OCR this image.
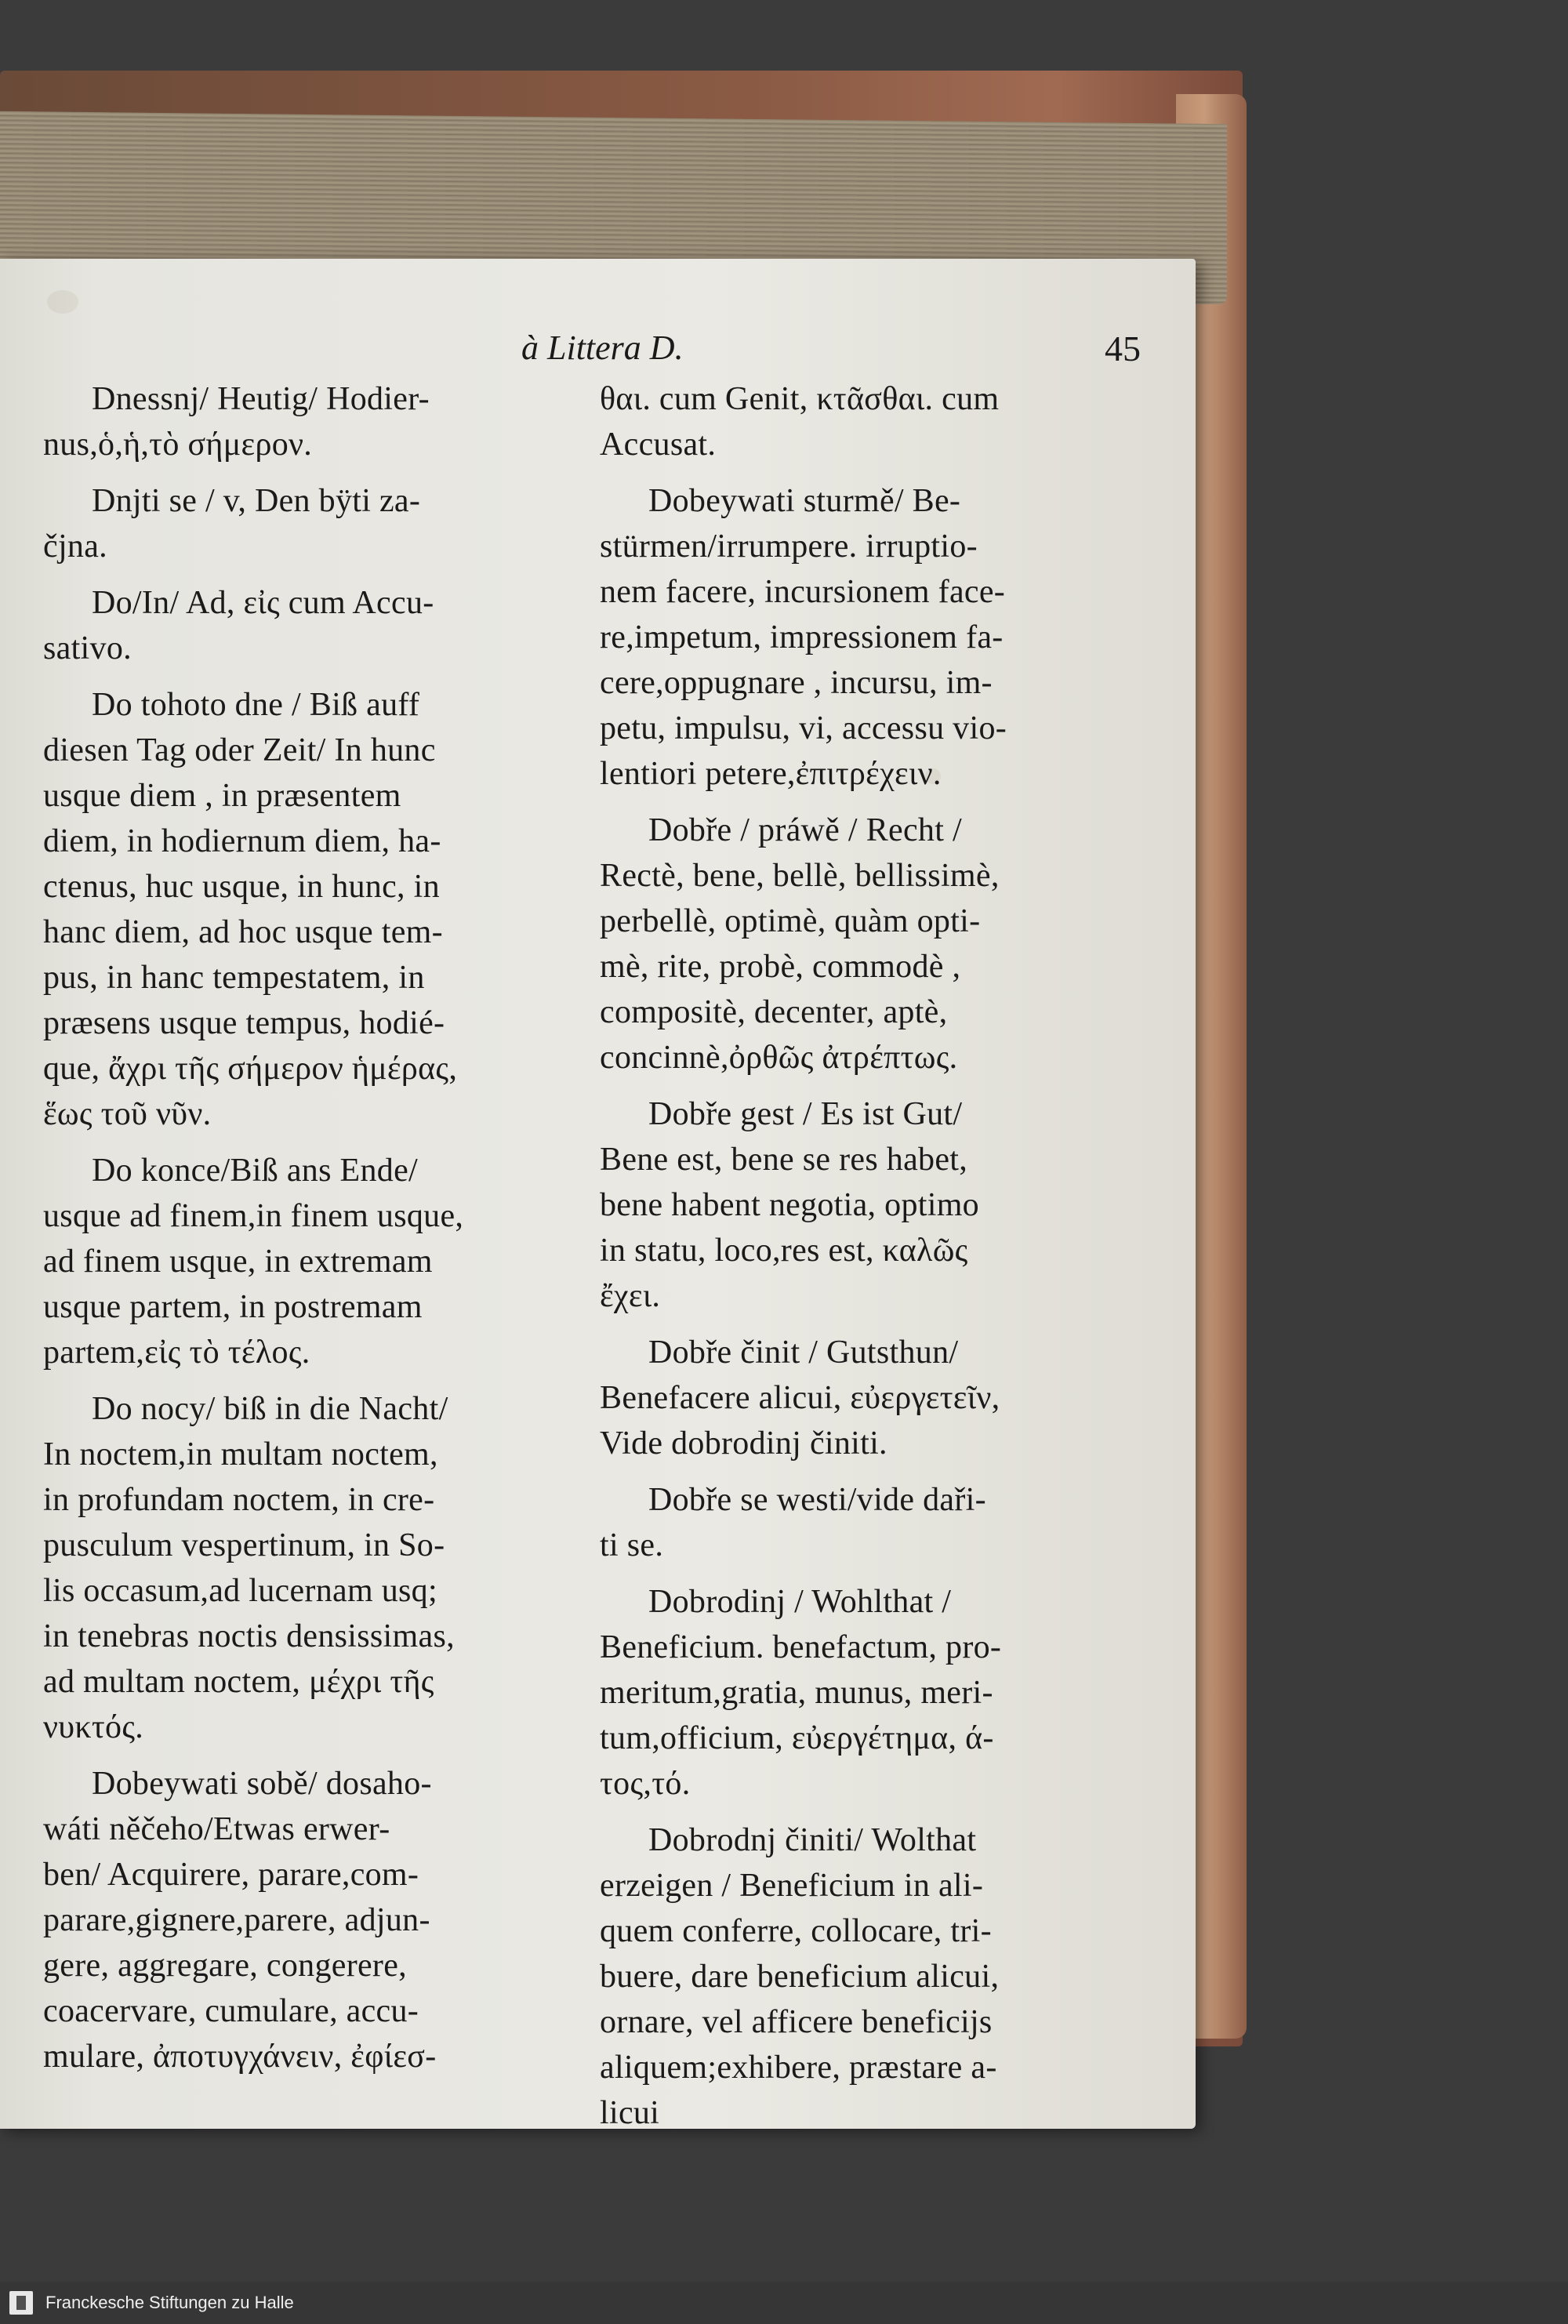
à Littera D.	45
Dnessnj/ Heutig/ Hodier-
nus,ὁ,ἡ,τὸ σήμερον.
Dnjti se / v, Den bÿti za-
čjna.
Do/In/ Ad, εἰς cum Accu-
sativo.
Do tohoto dne / Biß auff
diesen Tag oder Zeit/ In hunc
usque diem , in præsentem
diem, in hodiernum diem, ha-
ctenus, huc usque, in hunc, in
hanc diem, ad hoc usque tem-
pus, in hanc tempestatem, in
præsens usque tempus, hodié-
que, ἄχρι τῆς σήμερον ἡμέρας,
ἕως τοῦ νῦν.
Do konce/Biß ans Ende/
usque ad finem,in finem usque,
ad finem usque, in extremam
usque partem, in postremam
partem,εἰς τὸ τέλος.
Do nocy/ biß in die Nacht/
In noctem,in multam noctem,
in profundam noctem, in cre-
pusculum vespertinum, in So-
lis occasum,ad lucernam usq;
in tenebras noctis densissimas,
ad multam noctem, μέχρι τῆς
νυκτός.
Dobeywati sobě/ dosaho-
wáti něčeho/Etwas erwer-
ben/ Acquirere, parare,com-
parare,gignere,parere, adjun-
gere, aggregare, congerere,
coacervare, cumulare, accu-
mulare, ἀποτυγχάνειν, ἐφίεσ-
θαι. cum Genit, κτᾶσθαι. cum
Accusat.
Dobeywati sturmě/ Be-
stürmen/irrumpere. irruptio-
nem facere, incursionem face-
re,impetum, impressionem fa-
cere,oppugnare , incursu, im-
petu, impulsu, vi, accessu vio-
lentiori petere,ἐπιτρέχειν.
Dobře / práwě / Recht /
Rectè, bene, bellè, bellissimè,
perbellè, optimè, quàm opti-
mè, rite, probè, commodè ,
compositè, decenter, aptè,
concinnè,ὀρθῶς ἀτρέπτως.
Dobře gest / Es ist Gut/
Bene est, bene se res habet,
bene habent negotia, optimo
in statu, loco,res est, καλῶς
ἔχει.
Dobře činit / Gutsthun/
Benefacere alicui, εὐεργετεῖν,
Vide dobrodinj činiti.
Dobře se westi/vide daři-
ti se.
Dobrodinj / Wohlthat /
Beneficium. benefactum, pro-
meritum,gratia, munus, meri-
tum,officium, εὐεργέτημα, ά-
τος,τό.
Dobrodnj činiti/ Wolthat
erzeigen / Beneficium in ali-
quem conferre, collocare, tri-
buere, dare beneficium alicui,
ornare, vel afficere beneficijs
aliquem;exhibere, præstare a-
licui
Franckesche Stiftungen zu Halle
